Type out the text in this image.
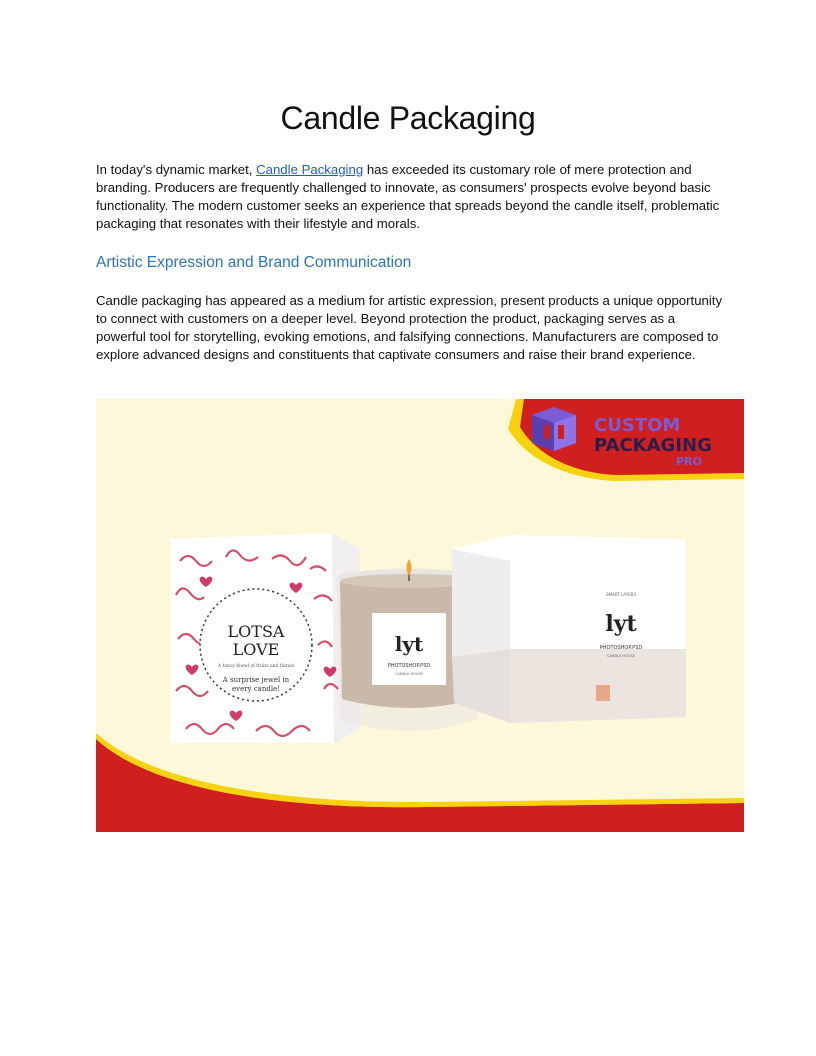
Candle Packaging
In today's dynamic market, Candle Packaging has exceeded its customary role of mere protection and branding. Producers are frequently challenged to innovate, as consumers' prospects evolve beyond basic functionality. The modern customer seeks an experience that spreads beyond the candle itself, problematic packaging that resonates with their lifestyle and morals.
Artistic Expression and Brand Communication
Candle packaging has appeared as a medium for artistic expression, present products a unique opportunity to connect with customers on a deeper level. Beyond protection the product, packaging serves as a powerful tool for storytelling, evoking emotions, and falsifying connections. Manufacturers are composed to explore advanced designs and constituents that captivate consumers and raise their brand experience.
CUSTOM
PACKAGING
PRO
LOTSA
LOVE
A fancy blend of fruits and florals
A surprise jewel in
every candle!
lyt
PHOTOSHOP.PSD
CANDLE HOUSE
SMART LAYERS
lyt
PHOTOSHOP.PSD
CANDLE HOUSE
